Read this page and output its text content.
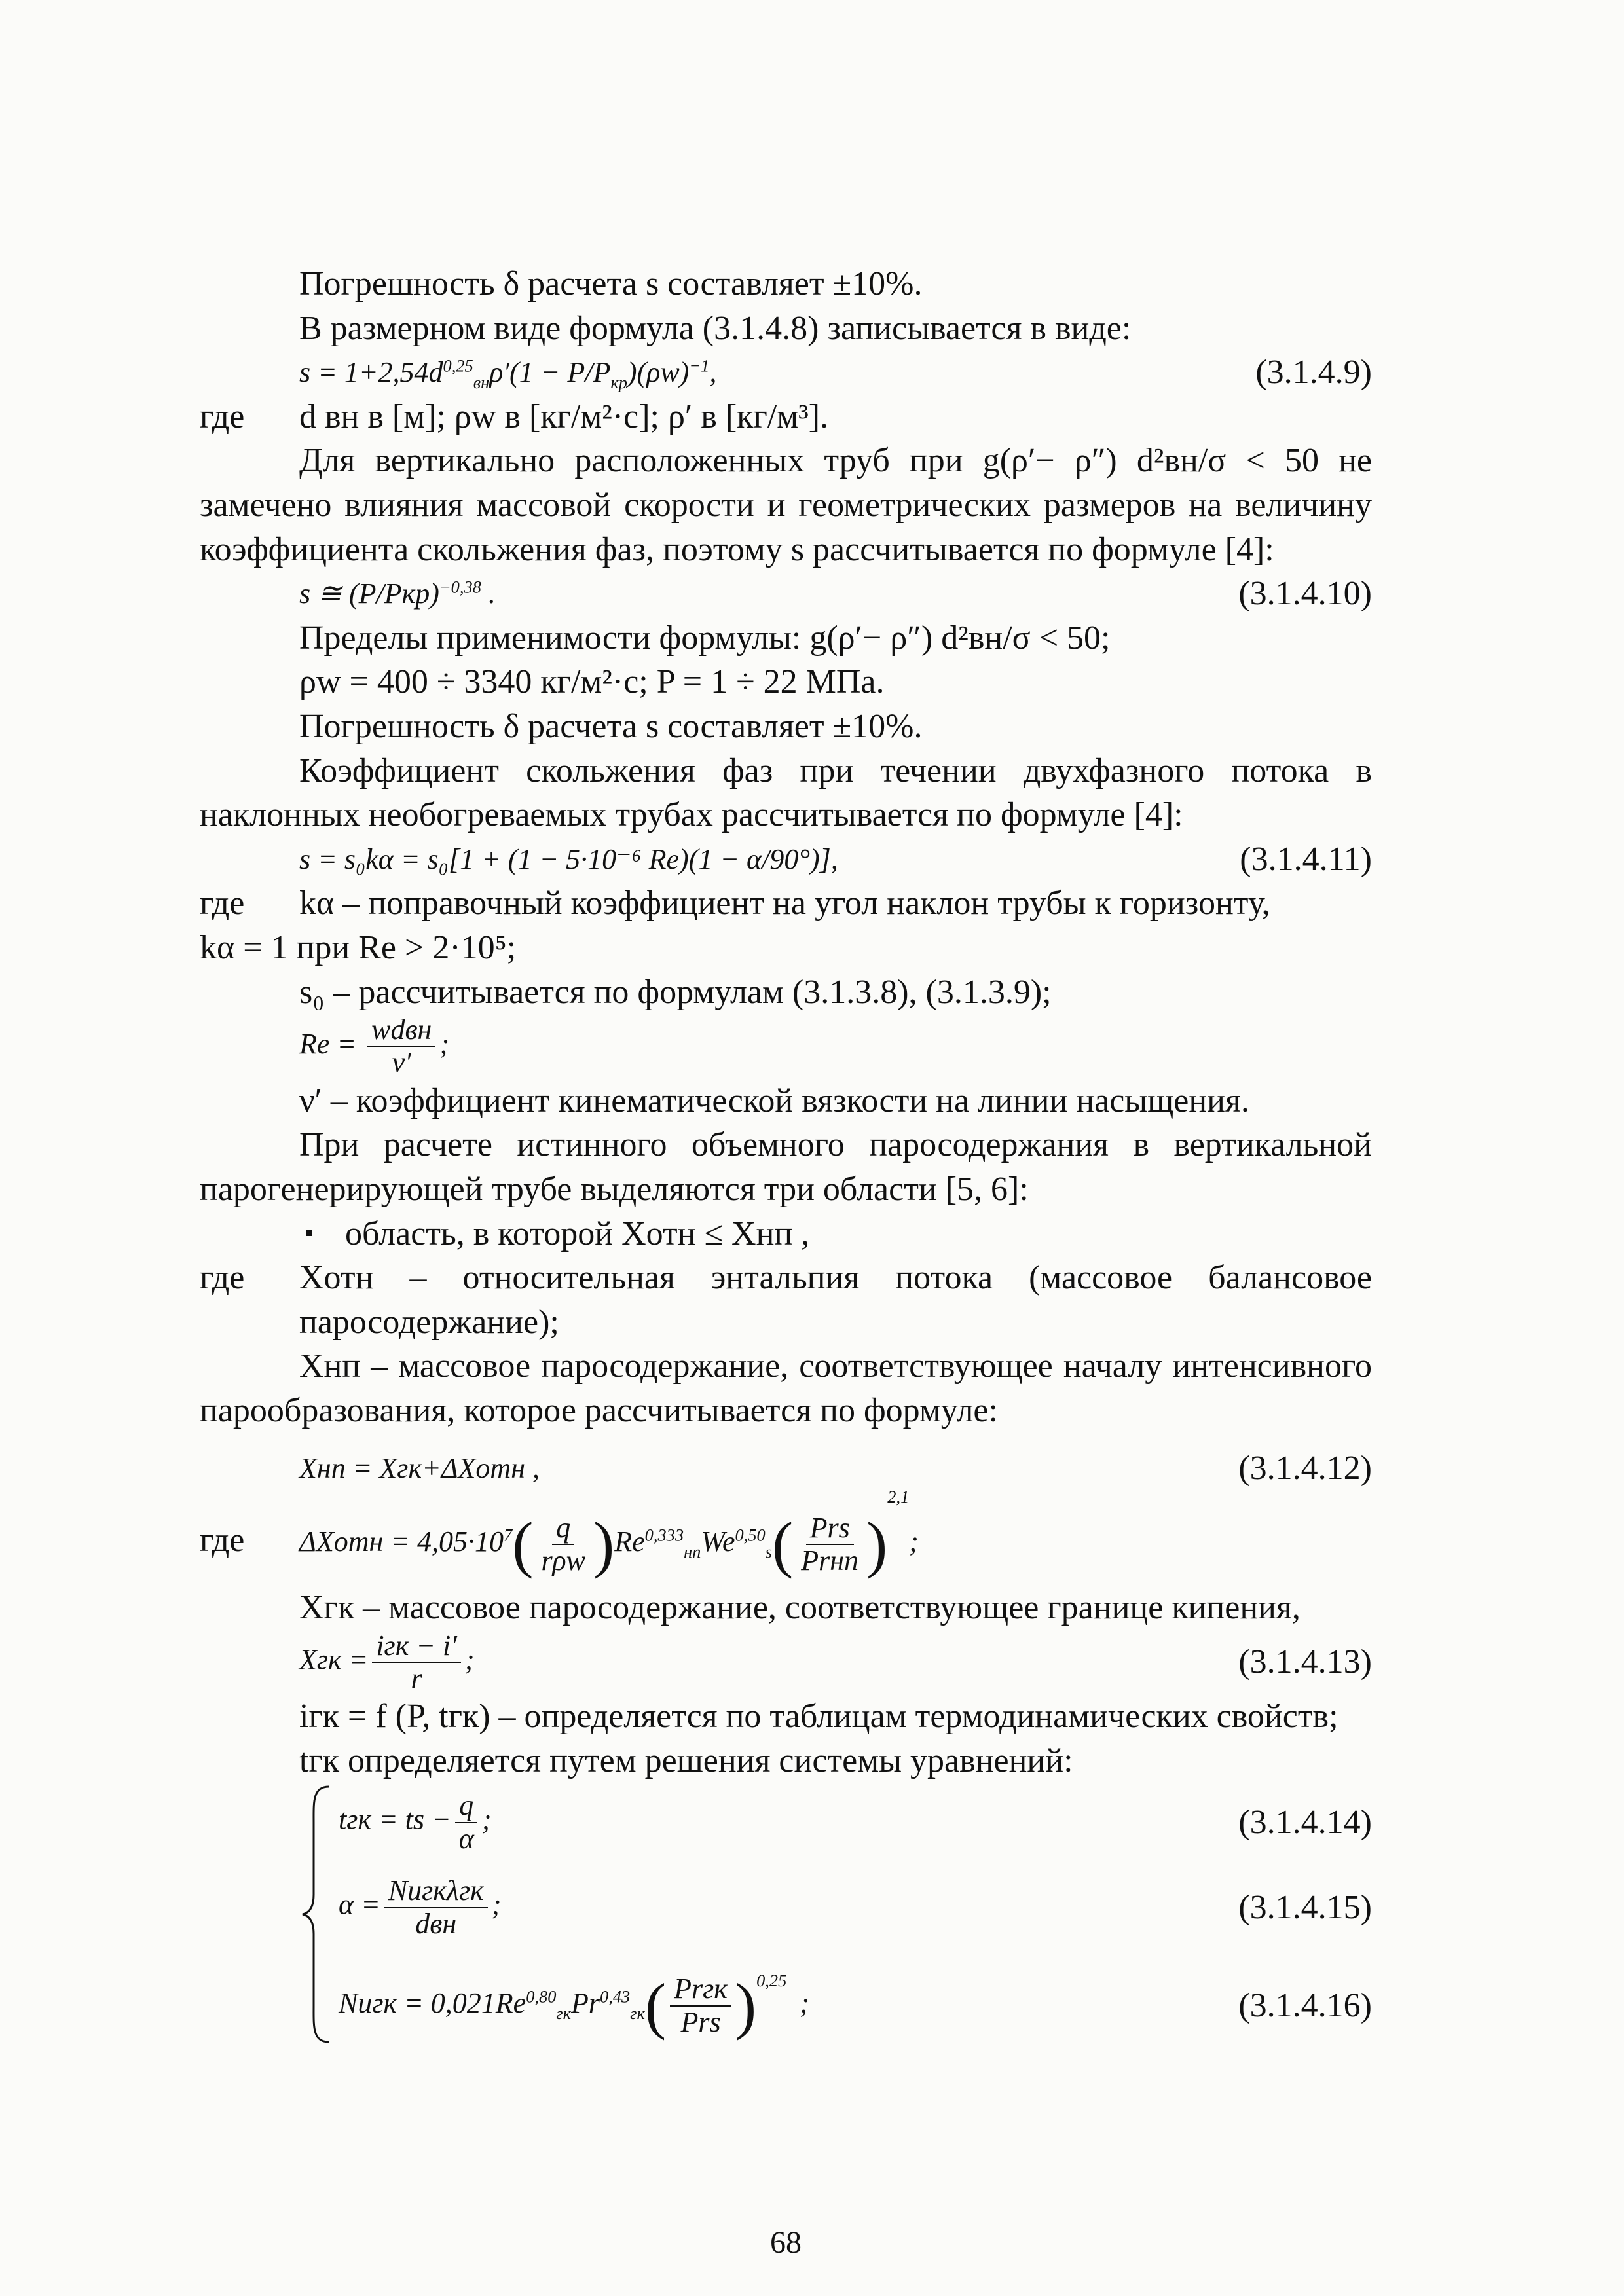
Погрешность δ расчета s составляет ±10%.
В размерном виде формула (3.1.4.8) записывается в виде:
$s = 1+2,54d^{0,25}_{вн}\rho'(1 - P/P_{кр})(\rho w)^{-1}$,	(3.1.4.9)
где	d вн в [м]; ρw в [кг/м²·с]; ρ′ в [кг/м³].
Для вертикально расположенных труб при g(ρ′− ρ″) d²вн/σ < 50 не замечено влияния массовой скорости и геометрических размеров на величину коэффициента скольжения фаз, поэтому s рассчитывается по формуле [4]:
s ≅ $(P/Pкр)^{-0,38}$ .	(3.1.4.10)
Пределы применимости формулы: g(ρ′− ρ″) d²вн/σ < 50;
ρw = 400 ÷ 3340 кг/м²·с; P = 1 ÷ 22 МПа.
Погрешность δ расчета s составляет ±10%.
Коэффициент скольжения фаз при течении двухфазного потока в наклонных необогреваемых трубах рассчитывается по формуле [4]:
s = s₀kα = s₀[1 + (1 − 5·10⁻⁶ Re)(1 − α/90°)],	(3.1.4.11)
где	kα – поправочный коэффициент на угол наклон трубы к горизонту,
kα = 1 при Re > 2·10⁵;
s₀ – рассчитывается по формулам (3.1.3.8), (3.1.3.9);
$Re = \frac{\text{wdвн}}{\nu'}$ ;
ν′ – коэффициент кинематической вязкости на линии насыщения.
При расчете истинного объемного паросодержания в вертикальной парогенерирующей трубе выделяются три области [5, 6]:
область, в которой Xотн ≤ Xнп ,
где	Xотн – относительная энтальпия потока (массовое балансовое паросодержание);
Xнп – массовое паросодержание, соответствующее началу интенсивного парообразования, которое рассчитывается по формуле:
Xнп = Xгк+ΔXотн ,	(3.1.4.12)
где	ΔXотн = $4,05\cdot 10^7( \frac{q}{\text{rρw}} )Re^{0,333}_{нп}We^{0,50}_s( \frac{\text{Prs}}{\text{Prнп}} )^{2,1}$;
Xгк – массовое паросодержание, соответствующее границе кипения,
Xгк = $\frac{\text{iгк − i′}}{r}$ ;	(3.1.4.13)
iгк = f (P, tгк) – определяется по таблицам термодинамических свойств;
tгк определяется путем решения системы уравнений:
tгк = ts − $\frac{q}{\alpha}$ ;	(3.1.4.14)
$\alpha = \frac{\text{Nuгкλгк}}{\text{dвн}}$ ;	(3.1.4.15)
Nuгк = $0,021Re^{0,80}_{гк}Pr^{0,43}_{гк}( \frac{\text{Prгк}}{\text{Prs}} )^{0,25}$;	(3.1.4.16)
68
